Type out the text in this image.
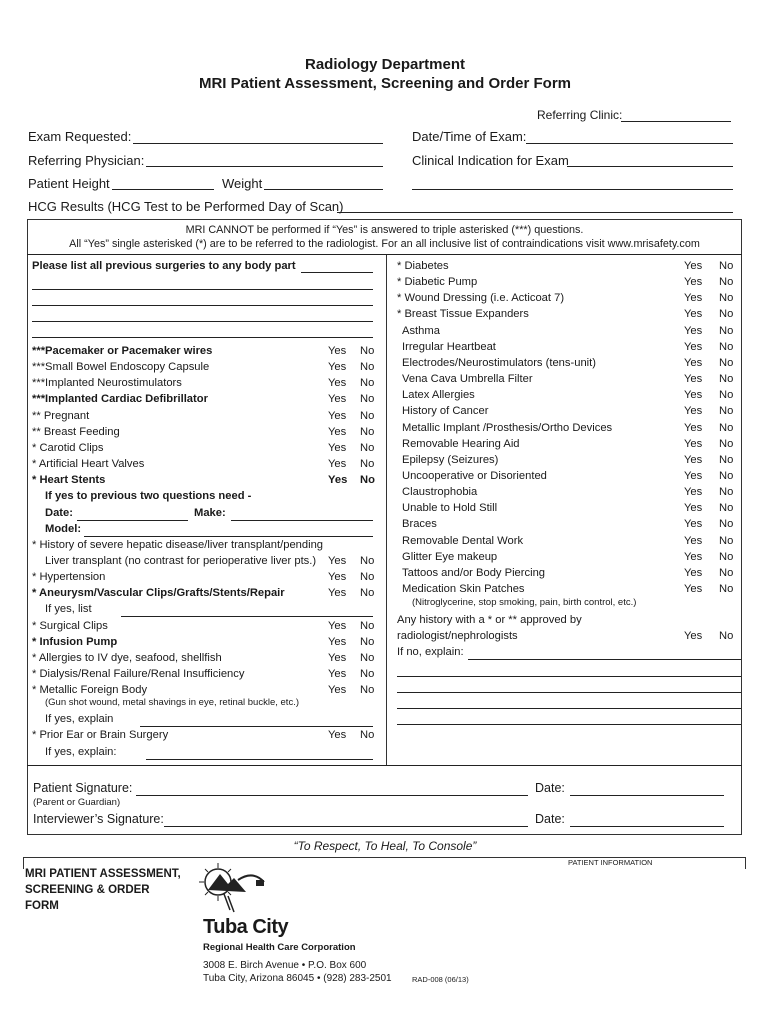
Radiology Department
MRI Patient Assessment, Screening and Order Form
Referring Clinic:
Exam Requested:	Date/Time of Exam:
Referring Physician:	Clinical Indication for Exam
Patient Height	Weight
HCG Results (HCG Test to be Performed Day of Scan)
MRI CANNOT be performed if “Yes” is answered to triple asterisked (***) questions.
All “Yes” single asterisked (*) are to be referred to the radiologist. For an all inclusive list of contraindications visit www.mrisafety.com
Please list all previous surgeries to any body part
***Pacemaker or Pacemaker wires	Yes No
***Small Bowel Endoscopy Capsule	Yes No
***Implanted Neurostimulators	Yes No
***Implanted Cardiac Defibrillator	Yes No
** Pregnant	Yes No
** Breast Feeding	Yes No
* Carotid Clips	Yes No
* Artificial Heart Valves	Yes No
* Heart Stents	Yes No
If yes to previous two questions need -
Date:	Make:
Model:
* History of severe hepatic disease/liver transplant/pending
Liver transplant (no contrast for perioperative liver pts.) Yes No
* Hypertension	Yes No
* Aneurysm/Vascular Clips/Grafts/Stents/Repair	Yes No
If yes, list
* Surgical Clips	Yes No
* Infusion Pump	Yes No
* Allergies to IV dye, seafood, shellfish	Yes No
* Dialysis/Renal Failure/Renal Insufficiency	Yes No
* Metallic Foreign Body	Yes No
(Gun shot wound, metal shavings in eye, retinal buckle, etc.)
If yes, explain
* Prior Ear or Brain Surgery	Yes No
If yes, explain:
* Diabetes	Yes No
* Diabetic Pump	Yes No
* Wound Dressing (i.e. Acticoat 7)	Yes No
* Breast Tissue Expanders	Yes No
Asthma	Yes No
Irregular Heartbeat	Yes No
Electrodes/Neurostimulators (tens-unit)	Yes No
Vena Cava Umbrella Filter	Yes No
Latex Allergies	Yes No
History of Cancer	Yes No
Metallic Implant /Prosthesis/Ortho Devices	Yes No
Removable Hearing Aid	Yes No
Epilepsy (Seizures)	Yes No
Uncooperative or Disoriented	Yes No
Claustrophobia	Yes No
Unable to Hold Still	Yes No
Braces	Yes No
Removable Dental Work	Yes No
Glitter Eye makeup	Yes No
Tattoos and/or Body Piercing	Yes No
Medication Skin Patches	Yes No
(Nitroglycerine, stop smoking, pain, birth control, etc.)
Any history with a * or ** approved by
radiologist/nephrologists	Yes No
If no, explain:
Patient Signature:
(Parent or Guardian)
Date:
Interviewer’s Signature:	Date:
“To Respect, To Heal, To Console”
PATIENT INFORMATION
MRI PATIENT ASSESSMENT,
SCREENING & ORDER
FORM
Tuba City
Regional Health Care Corporation
3008 E. Birch Avenue • P.O. Box 600
Tuba City, Arizona 86045 • (928) 283-2501	RAD-008 (06/13)
